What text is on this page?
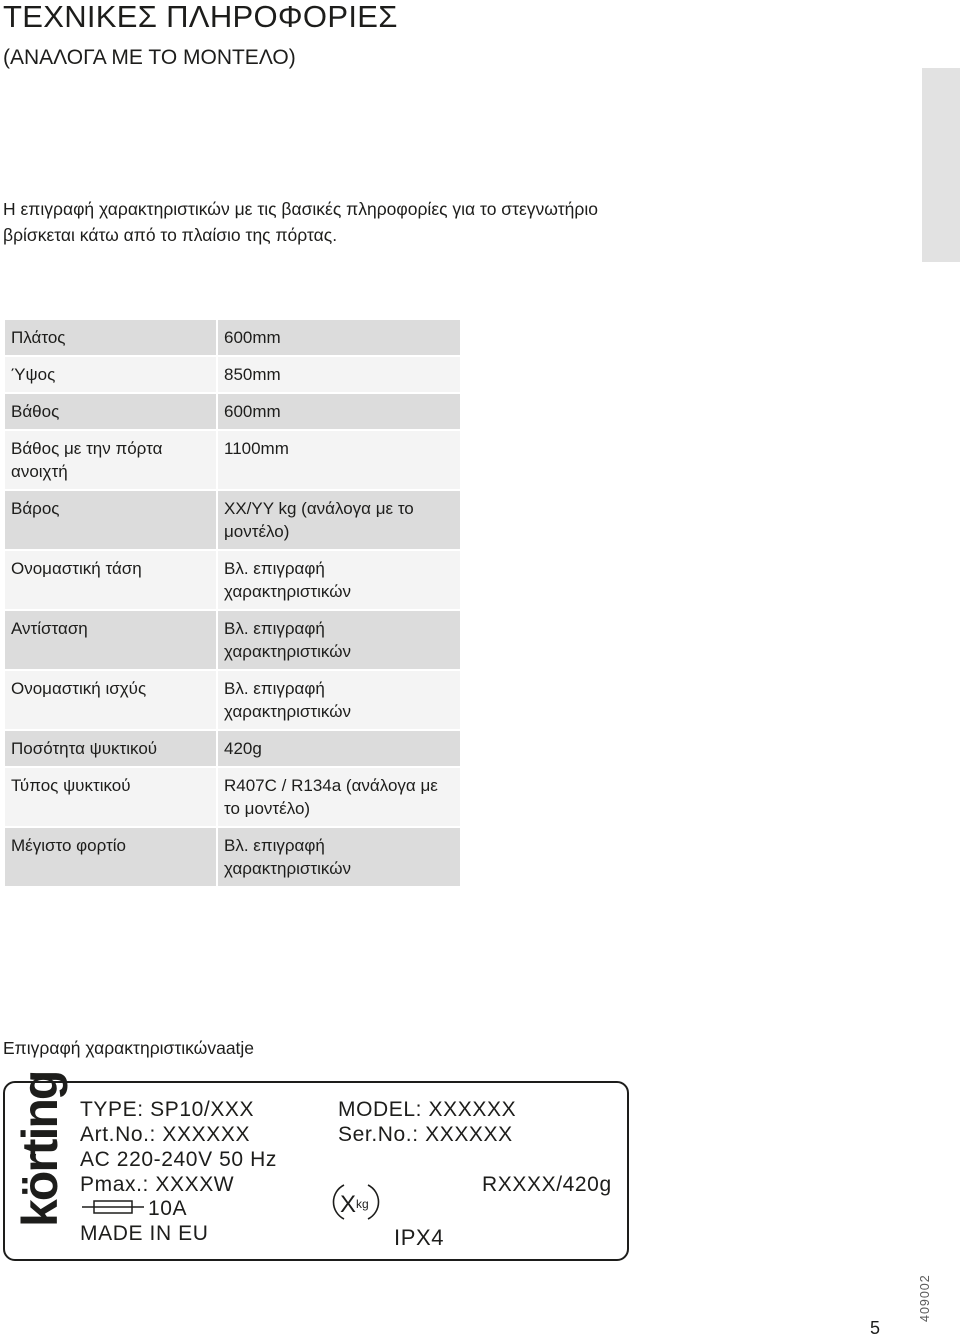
ΤΕΧΝΙΚΕΣ ΠΛΗΡΟΦΟΡΙΕΣ

(ΑΝΑΛΟΓΑ ΜΕ ΤΟ ΜΟΝΤΕΛΟ)

Η επιγραφή χαρακτηριστικών με τις βασικές πληροφορίες για το στεγνωτήριο βρίσκεται κάτω από το πλαίσιο της πόρτας.

Πλάτος	600mm
Ύψος	850mm
Βάθος	600mm
Βάθος με την πόρτα ανοιχτή	1100mm
Βάρος	XX/YY kg (ανάλογα με το μοντέλο)
Ονομαστική τάση	Βλ. επιγραφή χαρακτηριστικών
Αντίσταση	Βλ. επιγραφή χαρακτηριστικών
Ονομαστική ισχύς	Βλ. επιγραφή χαρακτηριστικών
Ποσότητα ψυκτικού	420g
Τύπος ψυκτικού	R407C / R134a (ανάλογα με το μοντέλο)
Μέγιστο φορτίο	Βλ. επιγραφή χαρακτηριστικών

Επιγραφή χαρακτηριστικώvaatje

körting TYPE: SP10/XXX
Art.No.: XXXXXX
AC 220-240V 50 Hz
Pmax.: XXXXW
10A
MADE IN EU
MODEL: XXXXXX
Ser.No.: XXXXXX
RXXXX/420g
X kg
IPX4

5

409002
